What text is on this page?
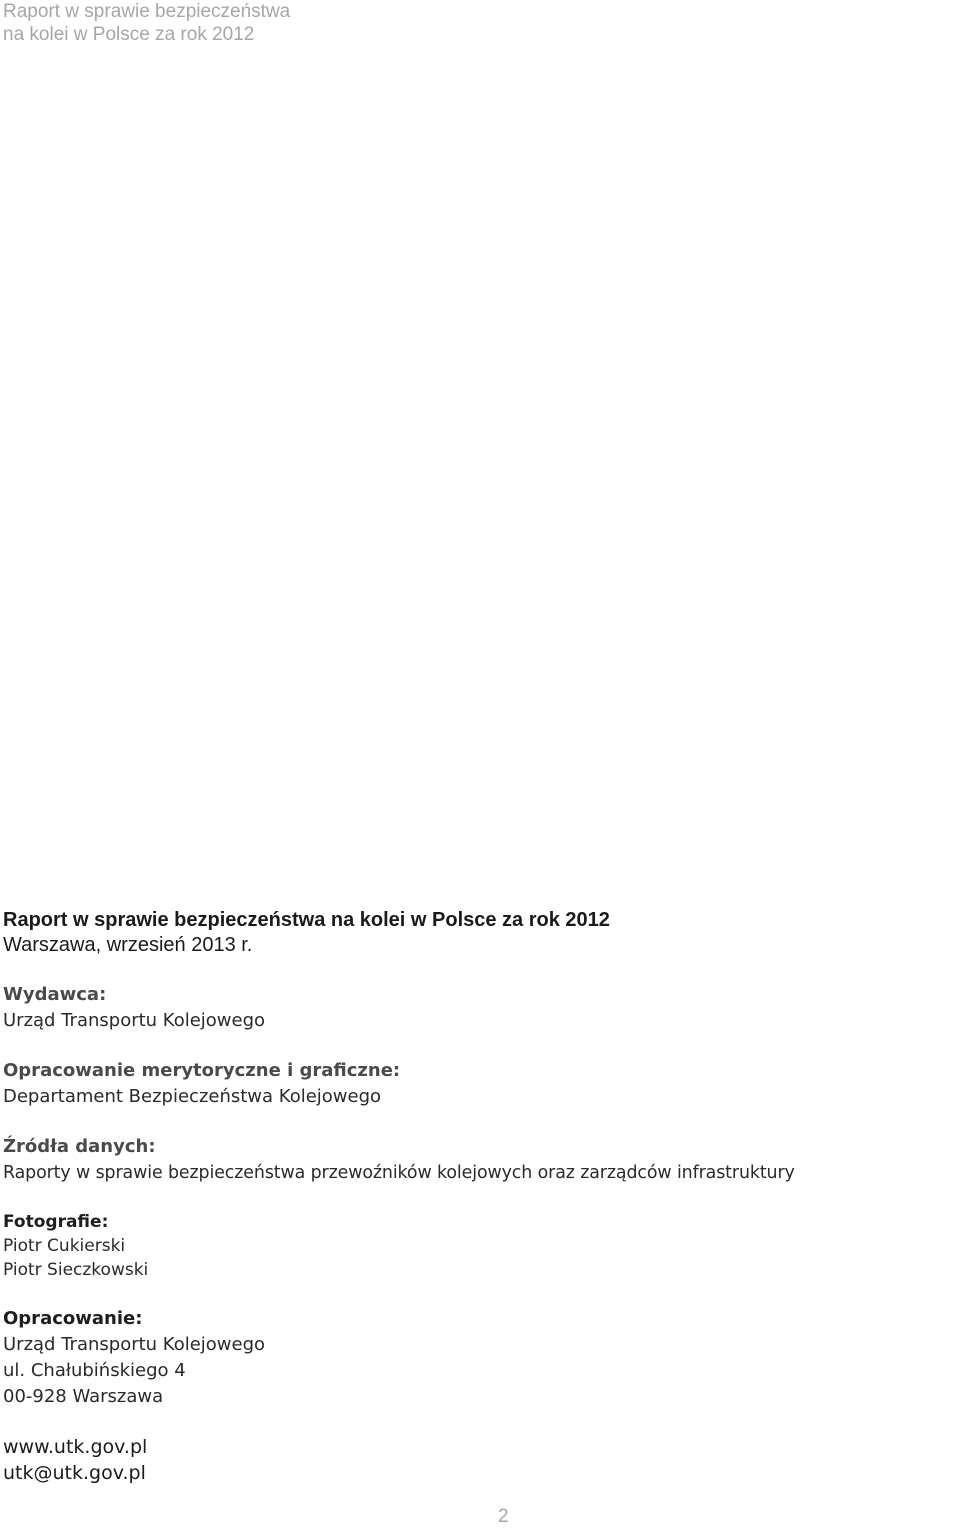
Raport w sprawie bezpieczeństwa
na kolei w Polsce za rok 2012
Raport w sprawie bezpieczeństwa na kolei w Polsce za rok 2012
Warszawa, wrzesień 2013 r.
Wydawca:
Urząd Transportu Kolejowego
Opracowanie merytoryczne i graficzne:
Departament Bezpieczeństwa Kolejowego
Źródła danych:
Raporty w sprawie bezpieczeństwa przewoźników kolejowych oraz zarządców infrastruktury
Fotografie:
Piotr Cukierski
Piotr Sieczkowski
Opracowanie:
Urząd Transportu Kolejowego
ul. Chałubińskiego 4
00-928 Warszawa
www.utk.gov.pl
utk@utk.gov.pl
2
